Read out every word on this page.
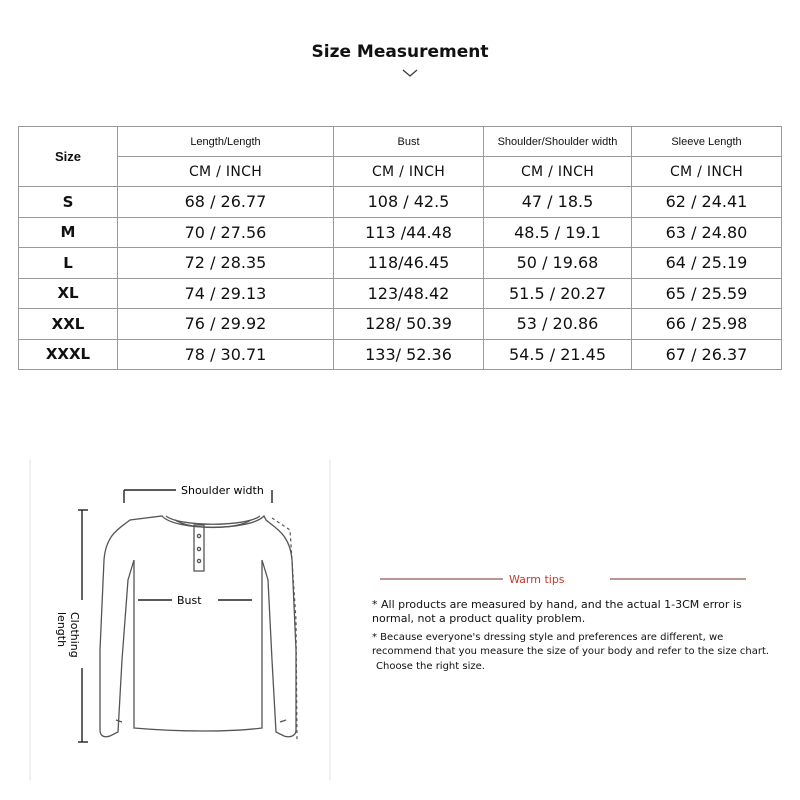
Size Measurement
Size	Length/Length	Bust	Shoulder/Shoulder width	Sleeve Length
	CM / INCH	CM / INCH	CM / INCH	CM / INCH
S	68 / 26.77	108 / 42.5	47 / 18.5	62 / 24.41
M	70 / 27.56	113 /44.48	48.5 / 19.1	63 / 24.80
L	72 / 28.35	118/46.45	50 / 19.68	64 / 25.19
XL	74 / 29.13	123/48.42	51.5 / 20.27	65 / 25.59
XXL	76 / 29.92	128/ 50.39	53 / 20.86	66 / 25.98
XXXL	78 / 30.71	133/ 52.36	54.5 / 21.45	67 / 26.37
Shoulder width
Bust
Clothing
length
Warm tips
* All products are measured by hand, and the actual 1-3CM error is normal, not a product quality problem.
* Because everyone's dressing style and preferences are different, we recommend that you measure the size of your body and refer to the size chart.
Choose the right size.
